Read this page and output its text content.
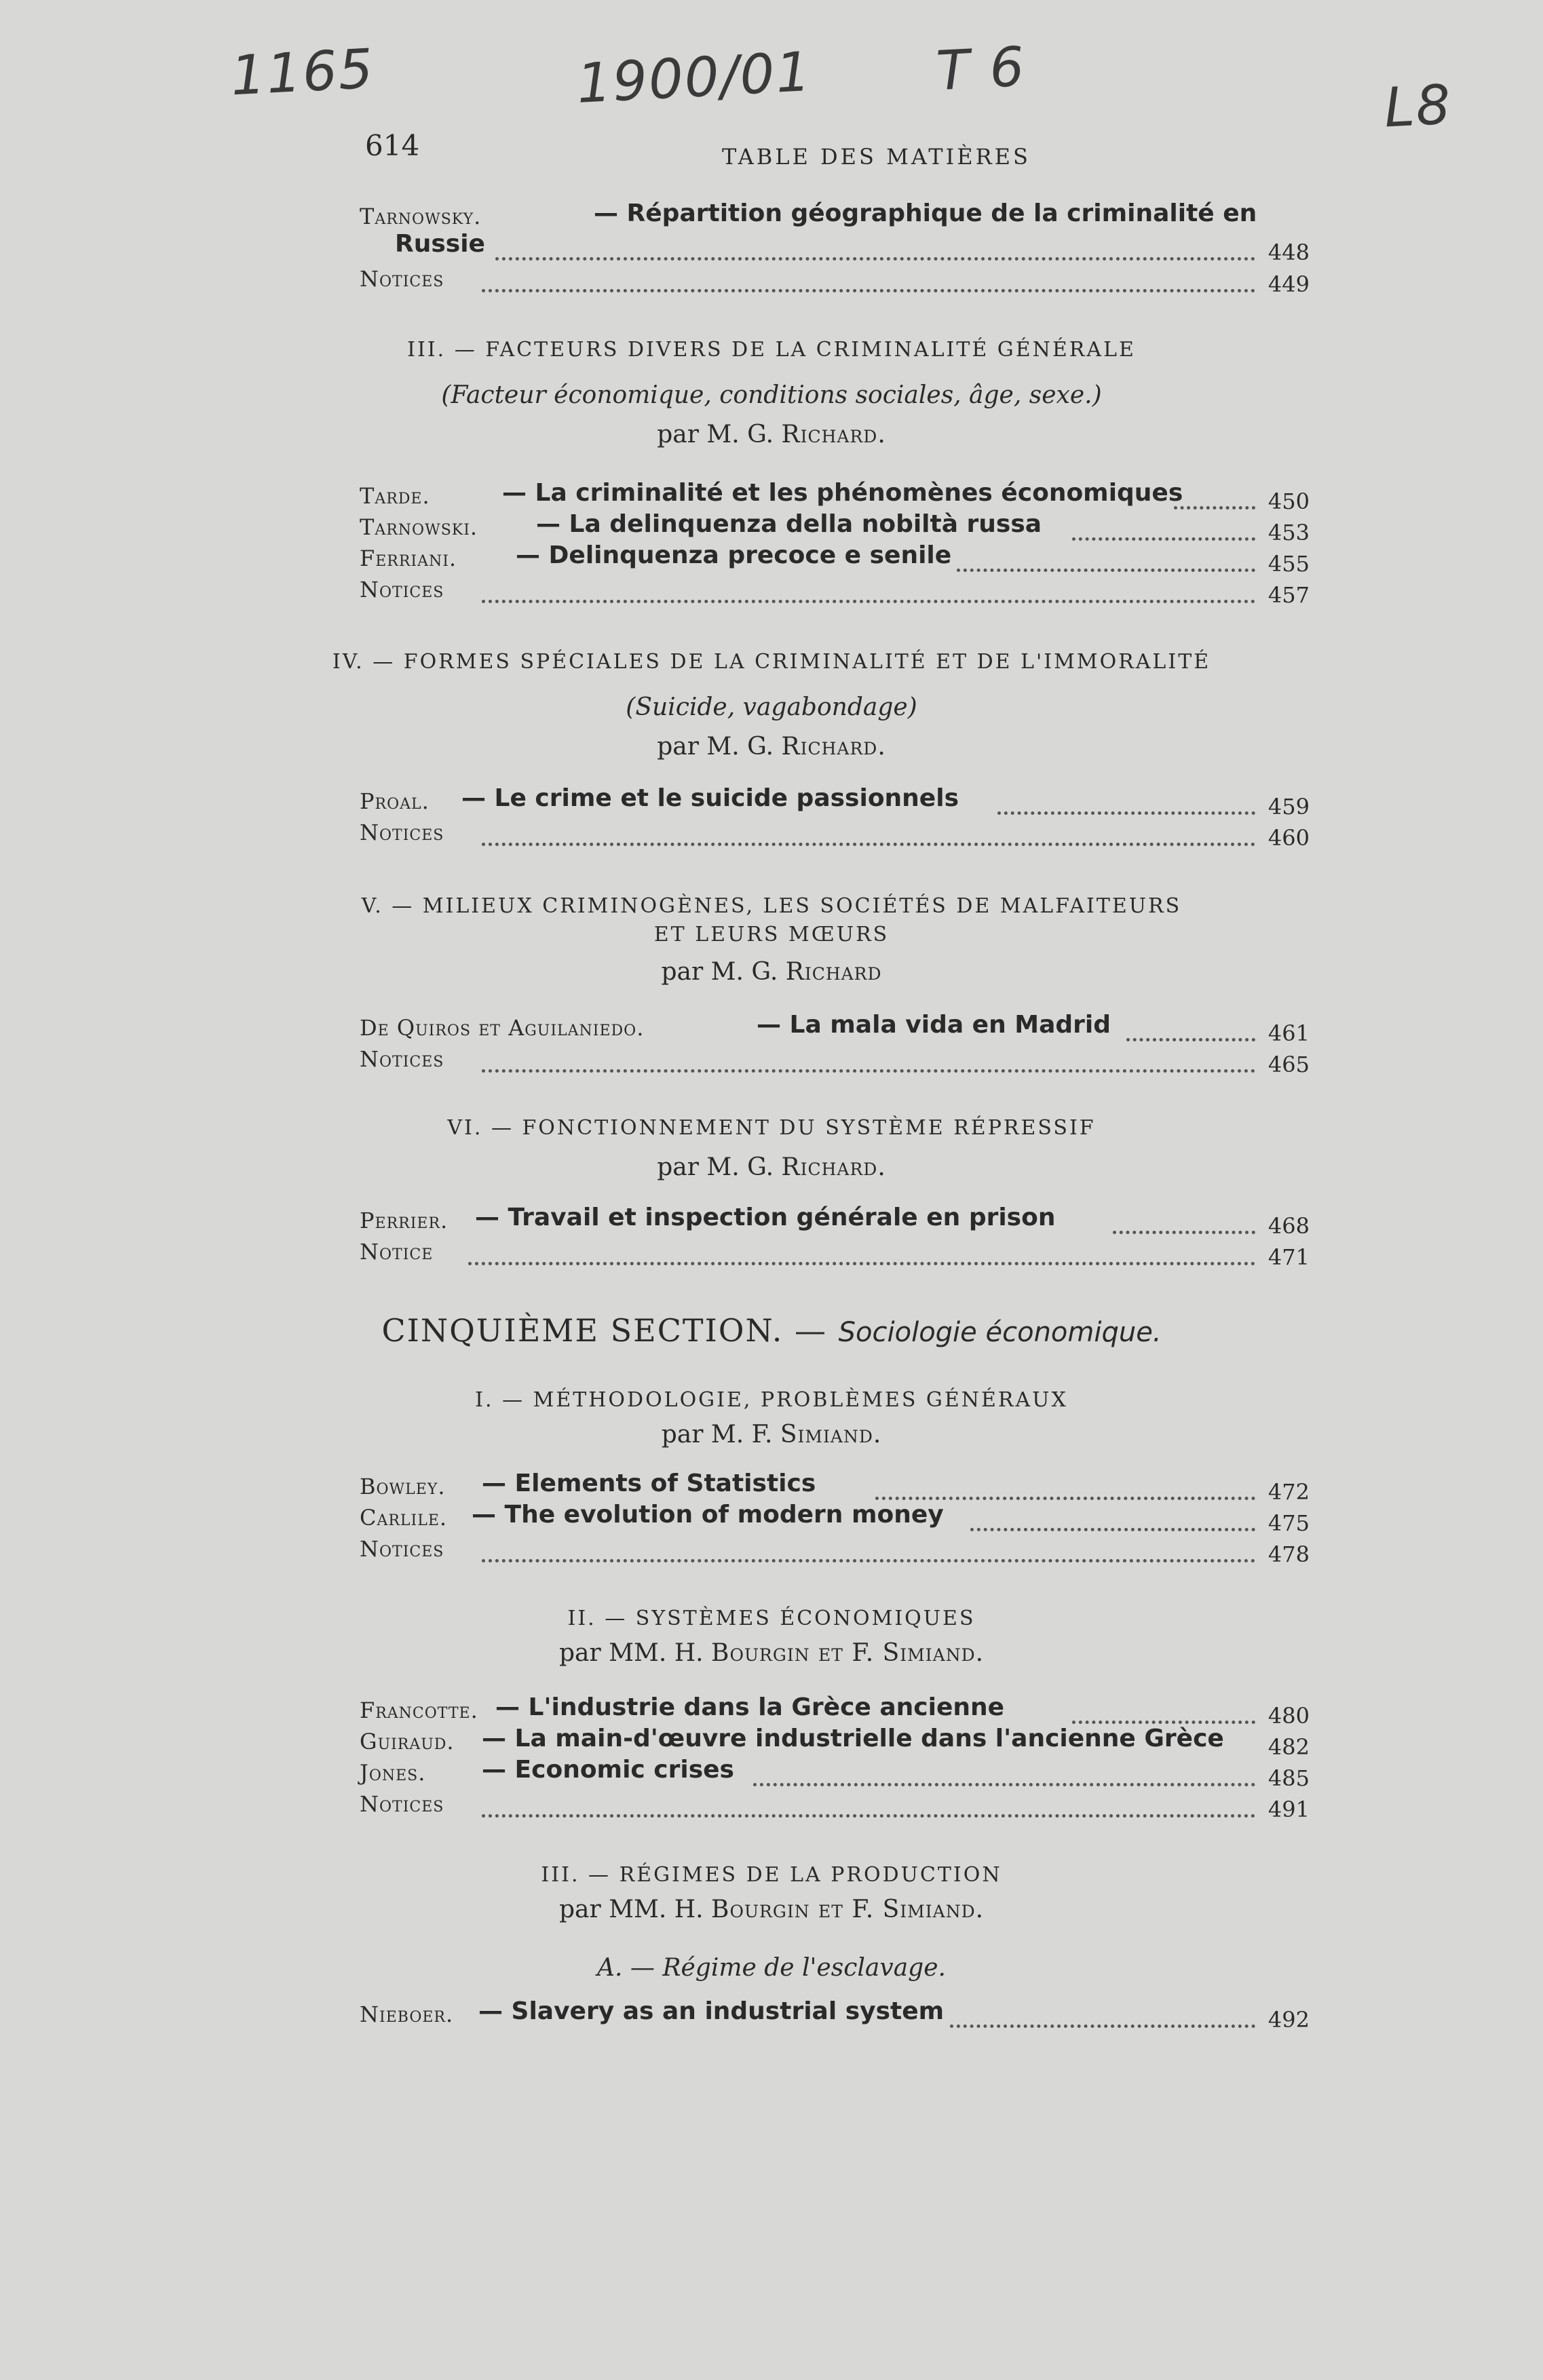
1165	1900/01 T 6
L8
614	TABLE DES MATIÈRES
Tarnowsky.	— Répartition géographique de la criminalité en
Russie	448
Notices	449
III. — FACTEURS DIVERS DE LA CRIMINALITÉ GÉNÉRALE
(Facteur économique, conditions sociales, âge, sexe.)
par M. G. Richard.
Tarde.	— La criminalité et les phénomènes économiques	450
Tarnowski. — La delinquenza della nobiltà russa	453
Ferriani. — Delinquenza precoce e senile	455
Notices	457
IV. — FORMES SPÉCIALES DE LA CRIMINALITÉ ET DE L'IMMORALITÉ
(Suicide, vagabondage)
par M. G. Richard.
Proal. — Le crime et le suicide passionnels	459
Notices	460
V. — MILIEUX CRIMINOGÈNES, LES SOCIÉTÉS DE MALFAITEURS
ET LEURS MŒURS
par M. G. Richard
De Quiros et Aguilaniedo.	— La mala vida en Madrid	461
Notices	465
VI. — FONCTIONNEMENT DU SYSTÈME RÉPRESSIF
par M. G. Richard.
Perrier. — Travail et inspection générale en prison	468
Notice	471
CINQUIÈME SECTION. — Sociologie économique.
I. — MÉTHODOLOGIE, PROBLÈMES GÉNÉRAUX
par M. F. Simiand.
Bowley. — Elements of Statistics	472
Carlile. — The evolution of modern money	475
Notices	478
II. — SYSTÈMES ÉCONOMIQUES
par MM. H. Bourgin et F. Simiand.
Francotte. — L'industrie dans la Grèce ancienne	480
Guiraud. — La main-d'œuvre industrielle dans l'ancienne Grèce 482
Jones. — Economic crises	485
Notices	491
III. — RÉGIMES DE LA PRODUCTION
par MM. H. Bourgin et F. Simiand.
A. — Régime de l'esclavage.
Nieboer. — Slavery as an industrial system	492
